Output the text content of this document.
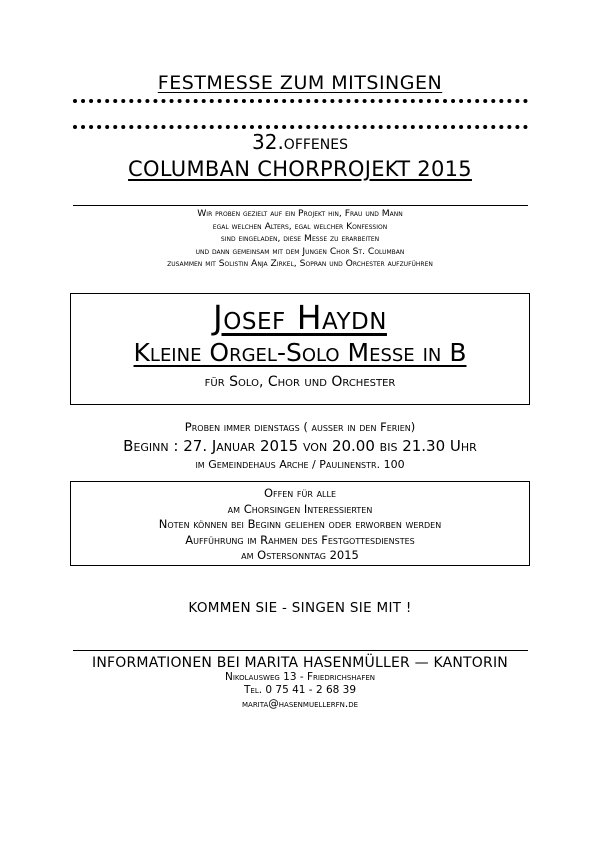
FESTMESSE ZUM MITSINGEN
32.offenes
COLUMBAN CHORPROJEKT 2015
Wir proben gezielt auf ein Projekt hin, Frau und Mann
egal welchen Alters, egal welcher Konfession
sind eingeladen, diese Messe zu erarbeiten
und dann gemeinsam mit dem Jungen Chor St. Columban
zusammen mit Solistin Anja Zirkel, Sopran und Orchester aufzuführen
Josef Haydn
Kleine Orgel-Solo Messe in B
für Solo, Chor und Orchester
Proben immer dienstags ( ausser in den Ferien)
Beginn : 27. Januar 2015 von 20.00 bis 21.30 Uhr
im Gemeindehaus Arche / Paulinenstr. 100
Offen für alle
am Chorsingen Interessierten
Noten können bei Beginn geliehen oder erworben werden
Aufführung im Rahmen des Festgottesdienstes
am Ostersonntag 2015
KOMMEN SIE - SINGEN SIE MIT !
INFORMATIONEN BEI MARITA HASENMÜLLER — KANTORIN
Nikolausweg 13 - Friedrichshafen
Tel. 0 75 41 - 2 68 39
marita@hasenmuellerfn.de
